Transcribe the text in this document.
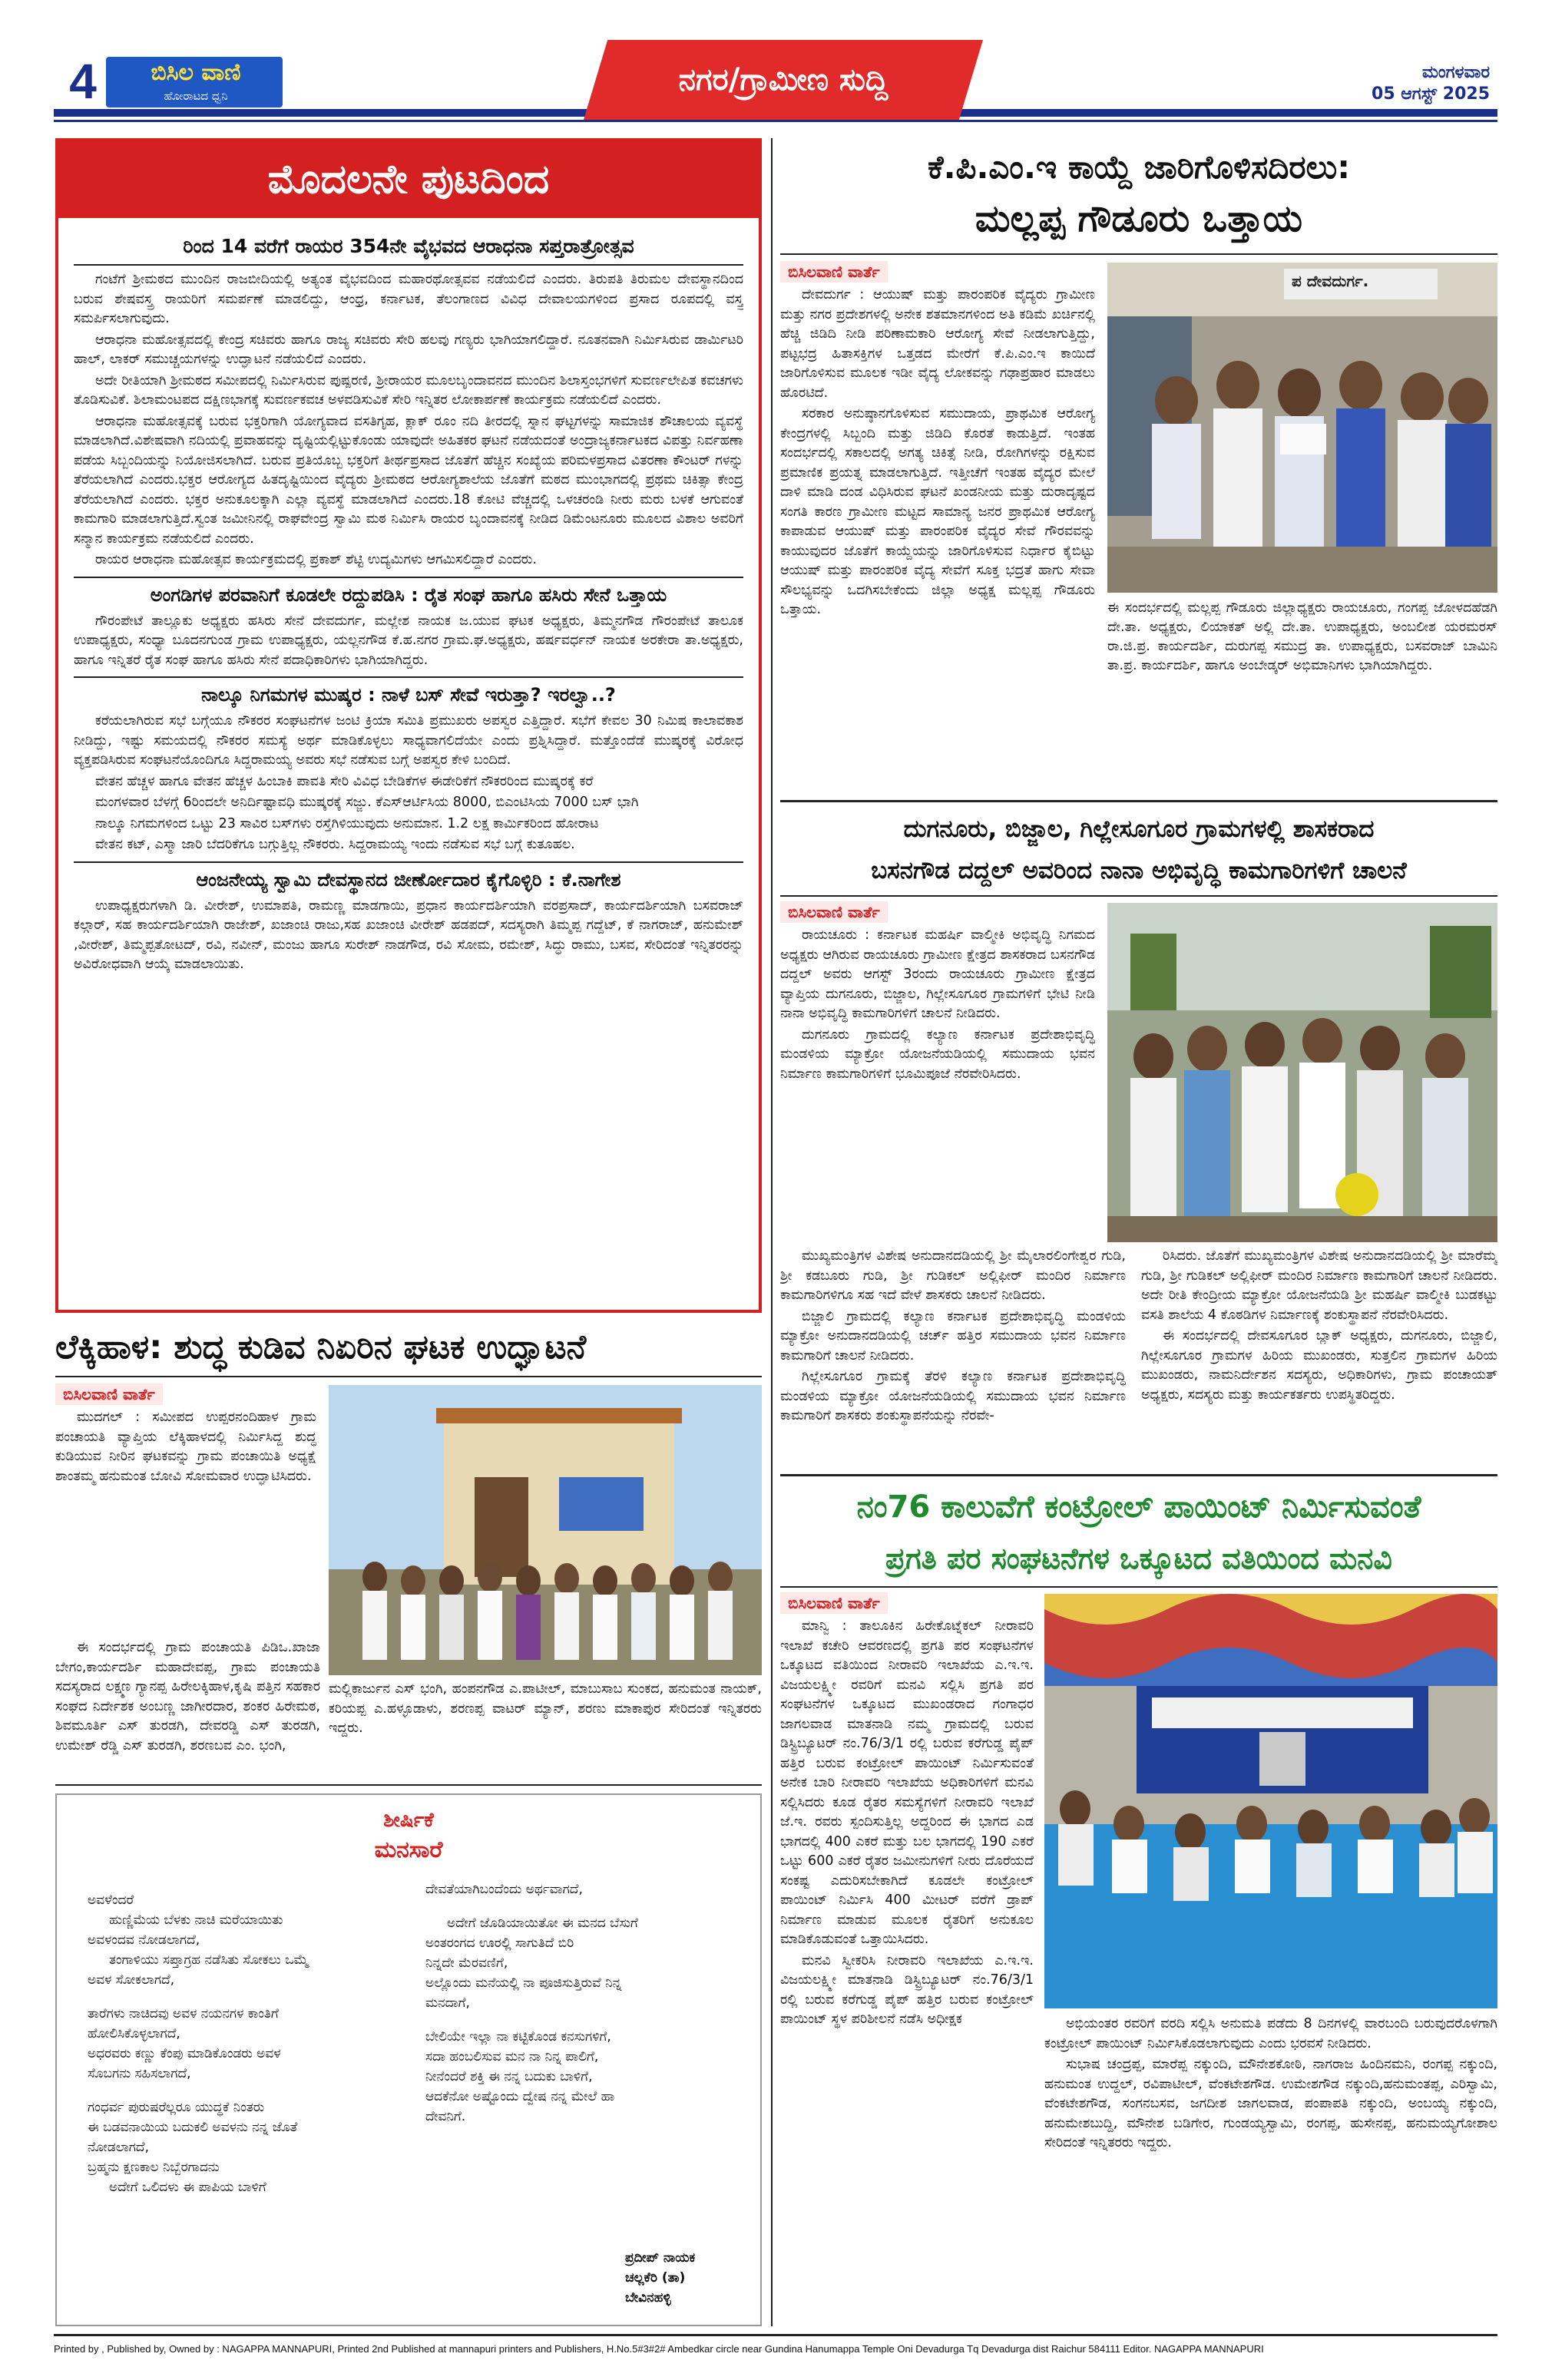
4	ಬಿಸಿಲ ವಾಣಿ
ಹೋರಾಟದ ಧ್ವನಿ	ನಗರ/ಗ್ರಾಮೀಣ ಸುದ್ದಿ	ಮಂಗಳವಾರ
05 ಆಗಸ್ಟ್ 2025
ಮೊದಲನೇ ಪುಟದಿಂದ
ರಿಂದ 14 ವರೆಗೆ ರಾಯರ 354ನೇ ವೈಭವದ ಆರಾಧನಾ ಸಪ್ತರಾತ್ರೋತ್ಸವ

ಗಂಟೆಗೆ ಶ್ರೀಮಠದ ಮುಂದಿನ ರಾಜಬೀದಿಯಲ್ಲಿ ಅತ್ಯಂತ ವೈಭವದಿಂದ ಮಹಾರಥೋತ್ಸವವ ನಡೆಯಲಿದೆ ಎಂದರು. ತಿರುಪತಿ ತಿರುಮಲ ದೇವಸ್ಥಾನದಿಂದ ಬರುವ ಶೇಷವಸ್ತ್ರ ರಾಯರಿಗೆ ಸಮರ್ಪಣೆ ಮಾಡಲಿದ್ದು, ಆಂಧ್ರ, ಕರ್ನಾಟಕ, ತೆಲಂಗಾಣದ ವಿವಿಧ ದೇವಾಲಯಗಳಿಂದ ಪ್ರಸಾದ ರೂಪದಲ್ಲಿ ವಸ್ತ್ರ ಸಮರ್ಪಿಸಲಾಗುವುದು.

ಆರಾಧನಾ ಮಹೋತ್ಸವದಲ್ಲಿ ಕೇಂದ್ರ ಸಚಿವರು ಹಾಗೂ ರಾಜ್ಯ ಸಚಿವರು ಸೇರಿ ಹಲವು ಗಣ್ಯರು ಭಾಗಿಯಾಗಲಿದ್ದಾರೆ. ನೂತನವಾಗಿ ನಿರ್ಮಿಸಿರುವ ಡಾರ್ಮಿಟರಿ ಹಾಲ್, ಲಾಕರ್ ಸಮುಚ್ಚಯಗಳನ್ನು ಉದ್ಘಾಟನೆ ನಡೆಯಲಿದೆ ಎಂದರು.

ಅದೇ ರೀತಿಯಾಗಿ ಶ್ರೀಮಠದ ಸಮೀಪದಲ್ಲಿ ನಿರ್ಮಿಸಿರುವ ಪುಷ್ಪರಣಿ, ಶ್ರೀರಾಯರ ಮೂಲಬೃಂದಾವನದ ಮುಂದಿನ ಶಿಲಾಸ್ತಂಭಗಳಿಗೆ ಸುವರ್ಣಲೇಪಿತ ಕವಚಗಳು ತೊಡಿಸುವಿಕೆ. ಶಿಲಾಮಂಟಪದ ದಕ್ಷಿಣಭಾಗಕ್ಕೆ ಸುವರ್ಣಕವಚ ಅಳವಡಿಸುವಿಕೆ ಸೇರಿ ಇನ್ನಿತರ ಲೋಕಾರ್ಪಣೆ ಕಾರ್ಯಕ್ರಮ ನಡೆಯಲಿದೆ ಎಂದರು.

ಆರಾಧನಾ ಮಹೋತ್ಸವಕ್ಕೆ ಬರುವ ಭಕ್ತರಿಗಾಗಿ ಯೋಗ್ಯವಾದ ವಸತಿಗೃಹ, ಕ್ಲಾಕ್ ರೂಂ ನದಿ ತೀರದಲ್ಲಿ ಸ್ನಾನ ಘಟ್ಟಗಳನ್ನು ಸಾಮಾಜಿಕ ಶೌಚಾಲಯ ವ್ಯವಸ್ಥೆ ಮಾಡಲಾಗಿದೆ.ವಿಶೇಷವಾಗಿ ನದಿಯಲ್ಲಿ ಪ್ರವಾಹವನ್ನು ದೃಷ್ಟಿಯಲ್ಲಿಟ್ಟುಕೊಂಡು ಯಾವುದೇ ಅಹಿತಕರ ಘಟನೆ ನಡೆಯದಂತೆ ಅಂದ್ರಾಜ್ಯಕರ್ನಾಟಕದ ವಿಪತ್ತು ನಿರ್ವಹಣಾ ಪಡೆಯ ಸಿಬ್ಬಂದಿಯನ್ನು ನಿಯೋಜಿಸಲಾಗಿದೆ. ಬರುವ ಪ್ರತಿಯೊಬ್ಬ ಭಕ್ತರಿಗೆ ತೀರ್ಥಪ್ರಸಾದ ಜೊತೆಗೆ ಹೆಚ್ಚಿನ ಸಂಖ್ಯೆಯ ಪರಿಮಳಪ್ರಸಾದ ವಿತರಣಾ ಕೌಂಟರ್ ಗಳನ್ನು ತೆರೆಯಲಾಗಿದೆ ಎಂದರು.ಭಕ್ತರ ಆರೋಗ್ಯದ ಹಿತದೃಷ್ಟಿಯಿಂದ ವೈದ್ಯರು ಶ್ರೀಮಠದ ಆರೋಗ್ಯಶಾಲೆಯ ಜೊತೆಗೆ ಮಠದ ಮುಂಭಾಗದಲ್ಲಿ ಪ್ರಥಮ ಚಿಕಿತ್ಸಾ ಕೇಂದ್ರ ತೆರೆಯಲಾಗಿದೆ ಎಂದರು. ಭಕ್ತರ ಅನುಕೂಲಕ್ಕಾಗಿ ಎಲ್ಲಾ ವ್ಯವಸ್ಥೆ ಮಾಡಲಾಗಿದೆ ಎಂದರು.18 ಕೋಟಿ ವೆಚ್ಚದಲ್ಲಿ ಒಳಚರಂಡಿ ನೀರು ಮರು ಬಳಕೆ ಆಗುವಂತೆ ಕಾಮಗಾರಿ ಮಾಡಲಾಗುತ್ತಿದೆ.ಸ್ವಂತ ಜಮೀನಿನಲ್ಲಿ ರಾಘವೇಂದ್ರ ಸ್ವಾಮಿ ಮಠ ನಿರ್ಮಿಸಿ ರಾಯರ ಬೃಂದಾವನಕ್ಕೆ ನೀಡಿದ ಡಿಮೆಂಟನೂರು ಮೂಲದ ವಿಶಾಲ ಅವರಿಗೆ ಸನ್ಮಾನ ಕಾರ್ಯಕ್ರಮ ನಡೆಯಲಿದೆ ಎಂದರು.

ರಾಯರ ಆರಾಧನಾ ಮಹೋತ್ಸವ ಕಾರ್ಯಕ್ರಮದಲ್ಲಿ ಪ್ರಕಾಶ್ ಶೆಟ್ಟಿ ಉದ್ಯಮಿಗಳು ಆಗಮಿಸಲಿದ್ದಾರೆ ಎಂದರು.

ಅಂಗಡಿಗಳ ಪರವಾನಿಗೆ ಕೂಡಲೇ ರದ್ದುಪಡಿಸಿ : ರೈತ ಸಂಘ ಹಾಗೂ ಹಸಿರು ಸೇನೆ ಒತ್ತಾಯ

ಗೌರಂಪೇಟೆ ತಾಲ್ಲೂಕು ಅಧ್ಯಕ್ಷರು ಹಸಿರು ಸೇನೆ ದೇವದುರ್ಗ, ಮಲ್ಲೇಶ ನಾಯಕ ಜ.ಯುವ ಘಟಕ ಅಧ್ಯಕ್ಷರು, ತಿಮ್ಮನಗೌಡ ಗೌರಂಪೇಟೆ ತಾಲೂಕ ಉಪಾಧ್ಯಕ್ಷರು, ಸಂಧ್ಯಾ ಬೂದನಗುಂಡ ಗ್ರಾಮ ಉಪಾಧ್ಯಕ್ಷರು, ಯಲ್ಲನಗೌಡ ಕೆ.ಹ.ನಗರ ಗ್ರಾಮ.ಘ.ಅಧ್ಯಕ್ಷರು, ಹರ್ಷವರ್ಧನ್ ನಾಯಕ ಅರಕೇರಾ ತಾ.ಅಧ್ಯಕ್ಷರು, ಹಾಗೂ ಇನ್ನಿತರೆ ರೈತ ಸಂಘ ಹಾಗೂ ಹಸಿರು ಸೇನೆ ಪದಾಧಿಕಾರಿಗಳು ಭಾಗಿಯಾಗಿದ್ದರು.

ನಾಲ್ಕೂ ನಿಗಮಗಳ ಮುಷ್ಕರ : ನಾಳೆ ಬಸ್ ಸೇವೆ ಇರುತ್ತಾ? ಇರಲ್ವಾ..?

ಕರೆಯಲಾಗಿರುವ ಸಭೆ ಬಗ್ಗೆಯೂ ನೌಕರರ ಸಂಘಟನೆಗಳ ಜಂಟಿ ಕ್ರಿಯಾ ಸಮಿತಿ ಪ್ರಮುಖರು ಅಪಸ್ವರ ಎತ್ತಿದ್ದಾರೆ. ಸಭೆಗೆ ಕೇವಲ 30 ನಿಮಿಷ ಕಾಲಾವಕಾಶ ನೀಡಿದ್ದು, ಇಷ್ಟು ಸಮಯದಲ್ಲಿ ನೌಕರರ ಸಮಸ್ಯೆ ಅರ್ಥ ಮಾಡಿಕೊಳ್ಳಲು ಸಾಧ್ಯವಾಗಲಿದೆಯೇ ಎಂದು ಪ್ರಶ್ನಿಸಿದ್ದಾರೆ. ಮತ್ತೊಂದೆಡೆ ಮುಷ್ಕರಕ್ಕೆ ವಿರೋಧ ವ್ಯಕ್ತಪಡಿಸಿರುವ ಸಂಘಟನೆಯೊಂದಿಗೂ ಸಿದ್ದರಾಮಯ್ಯ ಅವರು ಸಭೆ ನಡೆಸುವ ಬಗ್ಗೆ ಅಪಸ್ವರ ಕೇಳಿ ಬಂದಿದೆ.

ವೇತನ ಹೆಚ್ಚಳ ಹಾಗೂ ವೇತನ ಹೆಚ್ಚಳ ಹಿಂಬಾಕಿ ಪಾವತಿ ಸೇರಿ ವಿವಿಧ ಬೇಡಿಕೆಗಳ ಈಡೇರಿಕೆಗೆ ನೌಕರರಿಂದ ಮುಷ್ಕರಕ್ಕೆ ಕರೆ

ಮಂಗಳವಾರ ಬೆಳಗ್ಗೆ 6ರಿಂದಲೇ ಅನಿರ್ದಿಷ್ಟಾವಧಿ ಮುಷ್ಕರಕ್ಕೆ ಸಜ್ಜು. ಕೆಎಸ್ಆರ್ಟಿಸಿಯ 8000, ಬಿಎಂಟಿಸಿಯ 7000 ಬಸ್ ಭಾಗಿ

ನಾಲ್ಕೂ ನಿಗಮಗಳಿಂದ ಒಟ್ಟು 23 ಸಾವಿರ ಬಸ್‌ಗಳು ರಸ್ತೆಗಿಳಿಯುವುದು ಅನುಮಾನ. 1.2 ಲಕ್ಷ ಕಾರ್ಮಿಕರಿಂದ ಹೋರಾಟ

ವೇತನ ಕಟ್, ಎಸ್ಮಾ ಜಾರಿ ಬೆದರಿಕೆಗೂ ಬಗ್ಗುತ್ತಿಲ್ಲ ನೌಕರರು. ಸಿದ್ದರಾಮಯ್ಯ ಇಂದು ನಡೆಸುವ ಸಭೆ ಬಗ್ಗೆ ಕುತೂಹಲ.

ಆಂಜನೇಯ್ಯ ಸ್ವಾಮಿ ದೇವಸ್ಥಾನದ ಜೀರ್ಣೋದಾರ ಕೈಗೊಳ್ಳಿರಿ : ಕೆ.ನಾಗೇಶ

ಉಪಾಧ್ಯಕ್ಷರುಗಳಾಗಿ ಡಿ. ವೀರೇಶ್, ಉಮಾಪತಿ, ರಾಮಣ್ಣ ಮಾಡಗಾಯಿ, ಪ್ರಧಾನ ಕಾರ್ಯದರ್ಶಿಯಾಗಿ ವರಪ್ರಸಾದ್, ಕಾರ್ಯದರ್ಶಿಯಾಗಿ ಬಸವರಾಜ್ ಕಲ್ಗಾರ್, ಸಹ ಕಾರ್ಯದರ್ಶಿಯಾಗಿ ರಾಜೇಶ್, ಖಜಾಂಚಿ ರಾಜು,ಸಹ ಖಜಾಂಚಿ ವೀರೇಶ್ ಹಡಪದ್, ಸದಸ್ಯರಾಗಿ ತಿಮ್ಮಪ್ಪ ಗದ್ದೆಟ್, ಕೆ ನಾಗರಾಜ್, ಹನುಮೇಶ್ ,ವೀರೇಶ್, ತಿಮ್ಮಪ್ಪತೋಟದ್, ರವಿ, ನವೀನ್, ಮಂಜು ಹಾಗೂ ಸುರೇಶ್ ನಾಡಗೌಡ, ರವಿ ಸೋಮ, ರಮೇಶ್, ಸಿದ್ಧು ರಾಮು, ಬಸವ, ಸೇರಿದಂತೆ ಇನ್ನಿತರರನ್ನು ಅವಿರೋಧವಾಗಿ ಆಯ್ಕೆ ಮಾಡಲಾಯಿತು.

ಕೆ.ಪಿ.ಎಂ.ಇ ಕಾಯ್ದೆ ಜಾರಿಗೊಳಿಸದಿರಲು:
ಮಲ್ಲಪ್ಪ ಗೌಡೂರು ಒತ್ತಾಯ
ಬಿಸಿಲವಾಣಿ ವಾರ್ತೆ

ದೇವದುರ್ಗ : ಆಯುಷ್ ಮತ್ತು ಪಾರಂಪರಿಕ ವೈದ್ಯರು ಗ್ರಾಮೀಣ ಮತ್ತು ನಗರ ಪ್ರದೇಶಗಳಲ್ಲಿ ಅನೇಕ ಶತಮಾನಗಳಿಂದ ಅತಿ ಕಡಿಮೆ ಖರ್ಚಿನಲ್ಲಿ ಹೆಚ್ಚಿ ಜಿಡಿದಿ ನೀಡಿ ಪರಿಣಾಮಕಾರಿ ಆರೋಗ್ಯ ಸೇವೆ ನೀಡಲಾಗುತ್ತಿದ್ದು, ಪಟ್ಟಭದ್ರ ಹಿತಾಸಕ್ತಿಗಳ ಒತ್ತಡದ ಮೇರೆಗೆ ಕೆ.ಪಿ.ಎಂ.ಇ ಕಾಯಿದೆ ಜಾರಿಗೊಳಿಸುವ ಮೂಲಕ ಇಡೀ ವೈದ್ಯ ಲೋಕವನ್ನು ಗಢಾಪ್ರಹಾರ ಮಾಡಲು ಹೊರಟಿದೆ.

ಸರಕಾರ ಅನುಷ್ಠಾನಗೊಳಿಸುವ ಸಮುದಾಯ, ಪ್ರಾಥಮಿಕ ಆರೋಗ್ಯ ಕೇಂದ್ರಗಳಲ್ಲಿ ಸಿಬ್ಬಂದಿ ಮತ್ತು ಜಿಡಿದಿ ಕೊರತೆ ಕಾಡುತ್ತಿದೆ. ಇಂತಹ ಸಂದರ್ಭದಲ್ಲಿ ಸಕಾಲದಲ್ಲಿ ಅಗತ್ಯ ಚಿಕಿತ್ಸೆ ನೀಡಿ, ರೋಗಿಗಳನ್ನು ರಕ್ಷಿಸುವ ಪ್ರಮಾಣಿಕ ಪ್ರಯತ್ನ ಮಾಡಲಾಗುತ್ತಿದೆ. ಇತ್ತೀಚೆಗೆ ಇಂತಹ ವೈದ್ಯರ ಮೇಲೆ ದಾಳಿ ಮಾಡಿ ದಂಡ ವಿಧಿಸಿರುವ ಘಟನೆ ಖಂಡನೀಯ ಮತ್ತು ದುರಾದೃಷ್ಟದ ಸಂಗತಿ ಕಾರಣ ಗ್ರಾಮೀಣ ಮಟ್ಟದ ಸಾಮಾನ್ಯ ಜನರ ಪ್ರಾಥಮಿಕ ಆರೋಗ್ಯ ಕಾಪಾಡುವ ಆಯುಷ್ ಮತ್ತು ಪಾರಂಪರಿಕ ವೈದ್ಯರ ಸೇವೆ ಗೌರವವನ್ನು ಕಾಯುವುದರ ಜೊತೆಗೆ ಕಾಯ್ದೆಯನ್ನು ಜಾರಿಗೊಳಿಸುವ ನಿರ್ಧಾರ ಕೈಬಿಟ್ಟು ಆಯುಷ್ ಮತ್ತು ಪಾರಂಪರಿಕ ವೈದ್ಯ ಸೇವೆಗೆ ಸೂಕ್ತ ಭದ್ರತೆ ಹಾಗು ಸೇವಾ ಸೌಲಭ್ಯವನ್ನು ಒದಗಿಸಬೇಕೆಂದು ಜಿಲ್ಲಾ ಅಧ್ಯಕ್ಷ ಮಲ್ಲಪ್ಪ ಗೌಡೂರು ಒತ್ತಾಯ.

ಪ ದೇವದುರ್ಗ.
ಈ ಸಂದರ್ಭದಲ್ಲಿ ಮಲ್ಲಪ್ಪ ಗೌಡೂರು ಜಿಲ್ಲಾಧ್ಯಕ್ಷರು ರಾಯಚೂರು, ಗಂಗಪ್ಪ ಜೋಳದಹೆಡಗಿ ದೇ.ತಾ. ಅಧ್ಯಕ್ಷರು, ಲಿಯಾಕತ್ ಅಲ್ಲಿ ದೇ.ತಾ. ಉಪಾಧ್ಯಕ್ಷರು, ಅಂಬಲೀಶ ಯರಮರಸ್ ರಾ.ಜಿ.ಪ್ರ. ಕಾರ್ಯದರ್ಶಿ, ದುರುಗಪ್ಪ ಸಮುದ್ರ ತಾ. ಉಪಾಧ್ಯಕ್ಷರು, ಬಸವರಾಜ್ ಬಾಮಿನಿ ತಾ.ಪ್ರ. ಕಾರ್ಯದರ್ಶಿ, ಹಾಗೂ ಅಂಬೇಡ್ಕರ್ ಅಭಿಮಾನಿಗಳು ಭಾಗಿಯಾಗಿದ್ದರು.
ದುಗನೂರು, ಬಿಜ್ಜಾಲ, ಗಿಲ್ಲೇಸೂಗೂರ ಗ್ರಾಮಗಳಲ್ಲಿ ಶಾಸಕರಾದ
ಬಸನಗೌಡ ದದ್ದಲ್ ಅವರಿಂದ ನಾನಾ ಅಭಿವೃದ್ಧಿ ಕಾಮಗಾರಿಗಳಿಗೆ ಚಾಲನೆ
ಬಿಸಿಲವಾಣಿ ವಾರ್ತೆ

ರಾಯಚೂರು : ಕರ್ನಾಟಕ ಮಹರ್ಷಿ ವಾಲ್ಮೀಕಿ ಅಭಿವೃದ್ಧಿ ನಿಗಮದ ಅಧ್ಯಕ್ಷರು ಆಗಿರುವ ರಾಯಚೂರು ಗ್ರಾಮೀಣ ಕ್ಷೇತ್ರದ ಶಾಸಕರಾದ ಬಸನಗೌಡ ದದ್ದಲ್ ಅವರು ಆಗಸ್ಟ್ 3ರಂದು ರಾಯಚೂರು ಗ್ರಾಮೀಣ ಕ್ಷೇತ್ರದ ವ್ಯಾಪ್ತಿಯ ದುಗನೂರು, ಬಿಜ್ಜಾಲ, ಗಿಲ್ಲೇಸೂಗೂರ ಗ್ರಾಮಗಳಿಗೆ ಭೇಟಿ ನೀಡಿ ನಾನಾ ಅಭಿವೃದ್ಧಿ ಕಾಮಗಾರಿಗಳಿಗೆ ಚಾಲನೆ ನೀಡಿದರು.

ದುಗನೂರು ಗ್ರಾಮದಲ್ಲಿ ಕಲ್ಯಾಣ ಕರ್ನಾಟಕ ಪ್ರದೇಶಾಭಿವೃದ್ಧಿ ಮಂಡಳಿಯ ಮ್ಯಾಕ್ರೋ ಯೋಜನೆಯಡಿಯಲ್ಲಿ ಸಮುದಾಯ ಭವನ ನಿರ್ಮಾಣ ಕಾಮಗಾರಿಗಳಿಗೆ ಭೂಮಿಪೂಜೆ ನೆರವೇರಿಸಿದರು.

ಮುಖ್ಯಮಂತ್ರಿಗಳ ವಿಶೇಷ ಅನುದಾನದಡಿಯಲ್ಲಿ ಶ್ರೀ ಮೈಲಾರಲಿಂಗೇಶ್ವರ ಗುಡಿ, ಶ್ರೀ ಕಡಬೂರು ಗುಡಿ, ಶ್ರೀ ಗುಡಿಕಲ್ ಅಲ್ಲಿಫೀರ್ ಮಂದಿರ ನಿರ್ಮಾಣ ಕಾಮಗಾರಿಗಳಿಗೂ ಸಹ ಇದೆ ವೇಳೆ ಶಾಸಕರು ಚಾಲನೆ ನೀಡಿದರು.

ಬಿಜ್ಜಾಲಿ ಗ್ರಾಮದಲ್ಲಿ ಕಲ್ಯಾಣ ಕರ್ನಾಟಕ ಪ್ರದೇಶಾಭಿವೃದ್ಧಿ ಮಂಡಳಿಯ ಮ್ಯಾಕ್ರೋ ಅನುದಾನದಡಿಯಲ್ಲಿ ಚರ್ಚ್ ಹತ್ತಿರ ಸಮುದಾಯ ಭವನ ನಿರ್ಮಾಣ ಕಾಮಗಾರಿಗೆ ಚಾಲನೆ ನೀಡಿದರು.

ಗಿಲ್ಲೇಸೂಗೂರ ಗ್ರಾಮಕ್ಕೆ ತೆರಳಿ ಕಲ್ಯಾಣ ಕರ್ನಾಟಕ ಪ್ರದೇಶಾಭಿವೃದ್ಧಿ ಮಂಡಳಿಯ ಮ್ಯಾಕ್ರೋ ಯೋಜನೆಯಡಿಯಲ್ಲಿ ಸಮುದಾಯ ಭವನ ನಿರ್ಮಾಣ ಕಾಮಗಾರಿಗೆ ಶಾಸಕರು ಶಂಕುಸ್ಥಾಪನೆಯನ್ನು ನೆರವೇ-

ರಿಸಿದರು. ಜೊತೆಗೆ ಮುಖ್ಯಮಂತ್ರಿಗಳ ವಿಶೇಷ ಅನುದಾನದಡಿಯಲ್ಲಿ ಶ್ರೀ ಮಾರೆಮ್ಮ ಗುಡಿ, ಶ್ರೀ ಗುಡಿಕಲ್ ಅಲ್ಲಿಫೀರ್ ಮಂದಿರ ನಿರ್ಮಾಣ ಕಾಮಗಾರಿಗೆ ಚಾಲನೆ ನೀಡಿದರು. ಅದೇ ರೀತಿ ಕೇಂದ್ರೀಯ ಮ್ಯಾಕ್ರೋ ಯೋಜನೆಯಡಿ ಶ್ರೀ ಮಹರ್ಷಿ ವಾಲ್ಮೀಕಿ ಬುಡಕಟ್ಟು ವಸತಿ ಶಾಲೆಯ 4 ಕೊಠಡಿಗಳ ನಿರ್ಮಾಣಕ್ಕೆ ಶಂಕುಸ್ಥಾಪನೆ ನೆರವೇರಿಸಿದರು.

ಈ ಸಂದರ್ಭದಲ್ಲಿ ದೇವಸೂಗೂರ ಬ್ಲಾಕ್ ಅಧ್ಯಕ್ಷರು, ದುಗನೂರು, ಬಿಜ್ಜಾಲಿ, ಗಿಲ್ಲೇಸೂಗೂರ ಗ್ರಾಮಗಳ ಹಿರಿಯ ಮುಖಂಡರು, ಸುತ್ತಲಿನ ಗ್ರಾಮಗಳ ಹಿರಿಯ ಮುಖಂಡರು, ನಾಮನಿರ್ದೇಶನ ಸದಸ್ಯರು, ಅಧಿಕಾರಿಗಳು, ಗ್ರಾಮ ಪಂಚಾಯತ್ ಅಧ್ಯಕ್ಷರು, ಸದಸ್ಯರು ಮತ್ತು ಕಾರ್ಯಕರ್ತರು ಉಪಸ್ಥಿತರಿದ್ದರು.

ನಂ76 ಕಾಲುವೆಗೆ ಕಂಟ್ರೋಲ್ ಪಾಯಿಂಟ್ ನಿರ್ಮಿಸುವಂತೆ
ಪ್ರಗತಿ ಪರ ಸಂಘಟನೆಗಳ ಒಕ್ಕೂಟದ ವತಿಯಿಂದ ಮನವಿ
ಬಿಸಿಲವಾಣಿ ವಾರ್ತೆ

ಮಾನ್ವಿ : ತಾಲೂಕಿನ ಹಿರೇಕೊಟ್ನೆಕಲ್ ನೀರಾವರಿ ಇಲಾಖೆ ಕಚೇರಿ ಆವರಣದಲ್ಲಿ ಪ್ರಗತಿ ಪರ ಸಂಘಟನೆಗಳ ಒಕ್ಕೂಟದ ವತಿಯಿಂದ ನೀರಾವರಿ ಇಲಾಖೆಯ ಎ.ಇ.ಇ. ವಿಜಯಲಕ್ಷ್ಮೀ ರವರಿಗೆ ಮನವಿ ಸಲ್ಲಿಸಿ ಪ್ರಗತಿ ಪರ ಸಂಘಟನೆಗಳ ಒಕ್ಕೂಟದ ಮುಖಂಡರಾದ ಗಂಗಾಧರ ಜಾಗಲವಾಡ ಮಾತನಾಡಿ ನಮ್ಮ ಗ್ರಾಮದಲ್ಲಿ ಬರುವ ಡಿಸ್ಟ್ರಿಬ್ಯೂಟರ್ ನಂ.76/3/1 ರಲ್ಲಿ ಬರುವ ಕರೆಗುಡ್ಡ ಪೈಪ್ ಹತ್ತಿರ ಬರುವ ಕಂಟ್ರೋಲ್ ಪಾಯಿಂಟ್ ನಿರ್ಮಿಸುವಂತೆ ಅನೇಕ ಬಾರಿ ನೀರಾವರಿ ಇಲಾಖೆಯ ಅಧಿಕಾರಿಗಳಿಗೆ ಮನವಿ ಸಲ್ಲಿಸಿದರು ಕೂಡ ರೈತರ ಸಮಸ್ಯೆಗಳಿಗೆ ನೀರಾವರಿ ಇಲಾಖೆ ಜೆ.ಇ. ರವರು ಸ್ಪಂದಿಸುತ್ತಿಲ್ಲ ಅದ್ದರಿಂದ ಈ ಭಾಗದ ಎಡ ಭಾಗದಲ್ಲಿ 400 ಎಕರೆ ಮತ್ತು ಬಲ ಭಾಗದಲ್ಲಿ 190 ಎಕರೆ ಒಟ್ಟು 600 ಎಕರೆ ರೈತರ ಜಮೀನುಗಳಿಗೆ ನೀರು ದೊರೆಯದೆ ಸಂಕಷ್ಟ ಎದುರಿಸಬೇಕಾಗಿದೆ ಕೂಡಲೇ ಕಂಟ್ರೋಲ್ ಪಾಯಿಂಟ್ ನಿರ್ಮಿಸಿ 400 ಮೀಟರ್ ವರೆಗೆ ಡ್ರಾಪ್ ನಿರ್ಮಾಣ ಮಾಡುವ ಮೂಲಕ ರೈತರಿಗೆ ಅನುಕೂಲ ಮಾಡಿಕೊಡುವಂತೆ ಒತ್ತಾಯಿಸಿದರು.

ಮನವಿ ಸ್ವೀಕರಿಸಿ ನೀರಾವರಿ ಇಲಾಖೆಯ ಎ.ಇ.ಇ. ವಿಜಯಲಕ್ಷ್ಮೀ ಮಾತನಾಡಿ ಡಿಸ್ಟ್ರಿಬ್ಯೂಟರ್ ನಂ.76/3/1 ರಲ್ಲಿ ಬರುವ ಕರೆಗುಡ್ಡ ಪೈಪ್ ಹತ್ತಿರ ಬರುವ ಕಂಟ್ರೋಲ್ ಪಾಯಿಂಟ್ ಸ್ಥಳ ಪರಿಶೀಲನೆ ನಡೆಸಿ ಅಧೀಕ್ಷಕ	ಅಭಿಯಂತರ ರವರಿಗೆ ವರದಿ ಸಲ್ಲಿಸಿ ಅನುಮತಿ ಪಡೆದು 8 ದಿನಗಳಲ್ಲಿ ವಾರಬಂದಿ ಬರುವುದರೊಳಗಾಗಿ ಕಂಟ್ರೋಲ್ ಪಾಯಿಂಟ್ ನಿರ್ಮಿಸಿಕೊಡಲಾಗುವುದು ಎಂದು ಭರವಸೆ ನೀಡಿದರು.

ಸುಭಾಷ ಚಂದ್ರಪ್ಪ, ಮಾರೆಪ್ಪ ನಕ್ಕುಂದಿ, ಮೌನೇಶಕೋಠಿ, ನಾಗರಾಜ ಹಿಂದಿನಮನಿ, ರಂಗಪ್ಪ ನಕ್ಕುಂದಿ, ಹನುಮಂತ ಉದ್ದಲ್, ರವಿಪಾಟೀಲ್, ವೆಂಕಟೇಶಗೌಡ. ಉಮೇಶಗೌಡ ನಕ್ಕುಂದಿ,ಹನುಮಂತಪ್ಪ, ಎರಿಸ್ವಾಮಿ, ವೆಂಕಟೇಶಗೌಡ, ಸಂಗನಬಸವ, ಜಗದೀಶ ಜಾಗಲವಾಡ, ಪಂಪಾಪತಿ ನಕ್ಕುಂದಿ, ಅಂಬಯ್ಯ ನಕ್ಕುಂದಿ, ಹನುಮೇಶಬುದ್ದಿ, ಮೌನೇಶ ಬಡಿಗೇರ, ಗುಂಡಯ್ಯಸ್ವಾಮಿ, ರಂಗಪ್ಪ, ಹುಸೇನಪ್ಪ, ಹನುಮಯ್ಯಗೋಶಾಲ ಸೇರಿದಂತೆ ಇನ್ನಿತರರು ಇದ್ದರು.

ಲೆಕ್ಕಿಹಾಳ: ಶುದ್ಧ ಕುಡಿವ ನಿಏರಿನ ಘಟಕ ಉದ್ಘಾಟನೆ
ಬಿಸಿಲವಾಣಿ ವಾರ್ತೆ

ಮುದಗಲ್ : ಸಮೀಪದ ಉಪ್ಪರನಂದಿಹಾಳ ಗ್ರಾಮ ಪಂಚಾಯತಿ ವ್ಯಾಪ್ತಿಯ ಲೆಕ್ಕಿಹಾಳದಲ್ಲಿ ನಿರ್ಮಿಸಿದ್ದ ಶುದ್ಧ ಕುಡಿಯುವ ನೀರಿನ ಘಟಕವನ್ನು ಗ್ರಾಮ ಪಂಚಾಯಿತಿ ಅಧ್ಯಕ್ಷೆ ಶಾಂತಮ್ಮ ಹನುಮಂತ ಬೋವಿ ಸೋಮವಾರ ಉದ್ಘಾಟಿಸಿದರು.

ಈ ಸಂದರ್ಭದಲ್ಲಿ ಗ್ರಾಮ ಪಂಚಾಯತಿ ಪಿಡಿಒ.ಖಾಜಾ ಬೇಗಂ,ಕಾರ್ಯದರ್ಶಿ ಮಹಾದೇವಪ್ಪ, ಗ್ರಾಮ ಪಂಚಾಯತಿ ಸದಸ್ಯರಾದ ಲಕ್ಷ್ಮಣ ಗ್ಯಾನಪ್ಪ ಹಿರೇಲಕ್ಕಿಹಾಳ,ಕೃಷಿ ಪತ್ತಿನ ಸಹಕಾರ ಸಂಘದ ನಿರ್ದೇಶಕ ಅಂಬಣ್ಣ ಜಾಗೀರದಾರ, ಶಂಕರ ಹಿರೇಮಠ, ಶಿವಮೂರ್ತಿ ಎಸ್ ತುರಡಗಿ, ದೇವರಡ್ಡಿ ಎಸ್ ತುರಡಗಿ, ಉಮೇಶ್ ರೆಡ್ಡಿ ಎಸ್ ತುರಡಗಿ, ಶರಣಬವ ಎಂ. ಭಂಗಿ,

ಮಲ್ಲಿಕಾರ್ಜುನ ಎಸ್ ಭಂಗಿ, ಹಂಪನಗೌಡ ಎ.ಪಾಟೀಲ್, ಮಾಬುಸಾಬ ಸುಂಕದ, ಹನುಮಂತ ನಾಯಕ್, ಕರಿಯಪ್ಪ ಎ.ಹಳ್ಳೂಡಾಳು, ಶರಣಪ್ಪ ವಾಟರ್ ಮ್ಯಾನ್, ಶರಣು ಮಾಕಾಪುರ ಸೇರಿದಂತೆ ಇನ್ನಿತರರು ಇದ್ದರು.

ಶೀರ್ಷಿಕೆ
ಮನಸಾರೆ
ಅವಳೆಂದರೆ
ಹುಣ್ಣಿಮೆಯ ಬೆಳಕು ನಾಚಿ ಮರೆಯಾಯಿತು
ಅವಳಂದವ ನೋಡಲಾಗದೆ,
ತಂಗಾಳಿಯು ಸಪ್ತಾಗ್ರಹ ನಡೆಸಿತು ಸೋಕಲು ಒಮ್ಮೆ
ಅವಳ ಸೋಕಲಾಗದೆ,
ತಾರೆಗಳು ನಾಚಿದವು ಅವಳ ನಯನಗಳ ಕಾಂತಿಗೆ
ಹೋಲಿಸಿಕೊಳ್ಳಲಾಗದೆ,
ಅಧರವರು ಕಣ್ಣು ಕೆಂಪು ಮಾಡಿಕೊಂಡರು ಅವಳ
ಸೊಬಗನು ಸಹಿಸಲಾಗದೆ,
ಗಂಧರ್ವ ಪುರುಷರೆಲ್ಲರೂ ಯುದ್ಧಕೆ ನಿಂತರು
ಈ ಬಡವನಾಯಿಯ ಬದುಕಲಿ ಅವಳನು ನನ್ನ ಜೊತೆ
ನೋಡಲಾಗದೆ,
ಬ್ರಹ್ಮನು ಕ್ಷಣಕಾಲ ನಿಬ್ಬೆರಗಾದನು
ಅದೇಗೆ ಒಲಿದಳು ಈ ಪಾಪಿಯ ಬಾಳಿಗೆ
ದೇವತೆಯಾಗಿಬಂದೆಂದು ಅರ್ಥವಾಗದೆ,
ಅದೇಗೆ ಜೊಡಿಯಾಯಿತೋ ಈ ಮನದ ಬೆಸುಗೆ
ಅಂತರಂಗದ ಊರಲ್ಲಿ ಸಾಗುತಿದೆ ಬಿರಿ
ನಿನ್ನದೇ ಮೆರವಣಿಗೆ,
ಅಲ್ಲೊಂದು ಮನೆಯಲ್ಲಿ ನಾ ಪೂಜಿಸುತ್ತಿರುವೆ ನಿನ್ನ
ಮನದಾಗೆ,
ಬೇಲಿಯೇ ಇಲ್ಲಾ ನಾ ಕಟ್ಟಿಕೊಂಡ ಕನಸುಗಳಿಗೆ,
ಸದಾ ಹಂಬಲಿಸುವ ಮನ ನಾ ನಿನ್ನ ಪಾಲಿಗೆ,
ನೀನೆಂದರೆ ಶಕ್ತಿ ಈ ನನ್ನ ಬದುಕು ಬಾಳಿಗೆ,
ಆದಕೆನೋ ಅಷ್ಟೊಂದು ದ್ವೇಷ ನನ್ನ ಮೇಲೆ ಹಾ
ದೇವನಿಗೆ.
ಪ್ರದೀಪ್ ನಾಯಕ
ಚಲ್ಲಕೆರಿ (ತಾ)
ಬೇವಿನಹಳ್ಳಿ
Printed by , Published by, Owned by : NAGAPPA MANNAPURI, Printed 2nd Published at mannapuri printers and Publishers, H.No.5#3#2# Ambedkar circle near Gundina Hanumappa Temple Oni Devadurga Tq Devadurga dist Raichur 584111 Editor. NAGAPPA MANNAPURI
